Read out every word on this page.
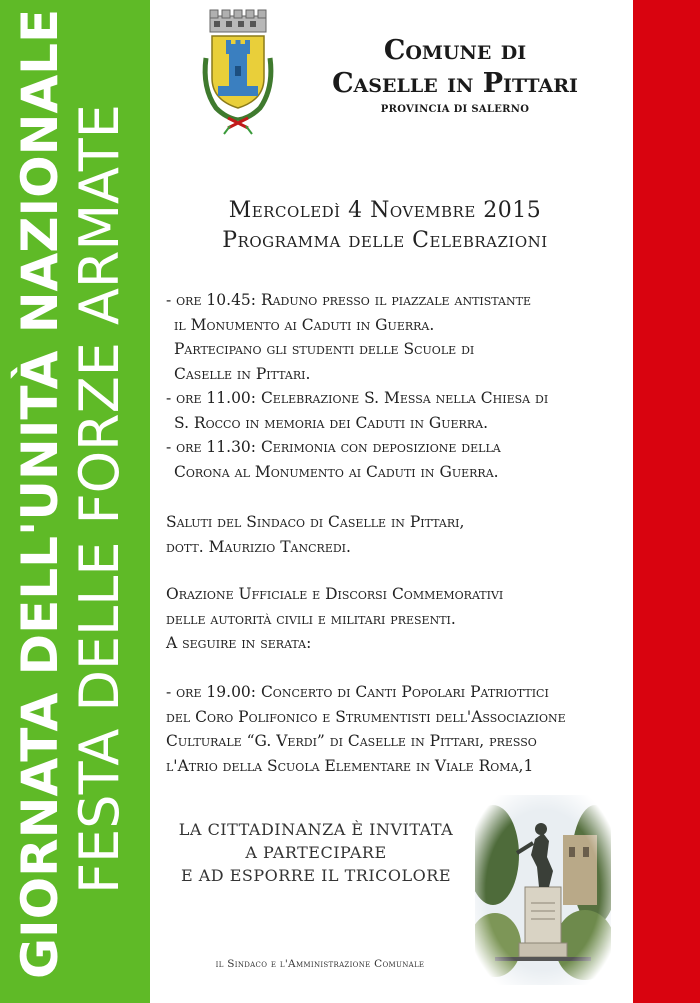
GIORNATA DELL'UNITÀ NAZIONALE FESTA DELLE FORZE ARMATE
Comune di
Caselle in Pittari
PROVINCIA DI SALERNO
Mercoledì 4 Novembre 2015
Programma delle Celebrazioni
- ore 10.45: Raduno presso il piazzale antistante
il Monumento ai Caduti in Guerra.
Partecipano gli studenti delle Scuole di
Caselle in Pittari.
- ore 11.00: Celebrazione S. Messa nella Chiesa di
S. Rocco in memoria dei Caduti in Guerra.
- ore 11.30: Cerimonia con deposizione della
Corona al Monumento ai Caduti in Guerra.
Saluti del Sindaco di Caselle in Pittari,
dott. Maurizio Tancredi.
Orazione Ufficiale e Discorsi Commemorativi
delle autorità civili e militari presenti.
A seguire in serata:
- ore 19.00: Concerto di Canti Popolari Patriottici
del Coro Polifonico e Strumentisti dell'Associazione
Culturale “G. Verdi” di Caselle in Pittari, presso
l'Atrio della Scuola Elementare in Viale Roma,1
LA CITTADINANZA È INVITATA
A PARTECIPARE
E AD ESPORRE IL TRICOLORE
il Sindaco e l'Amministrazione Comunale
